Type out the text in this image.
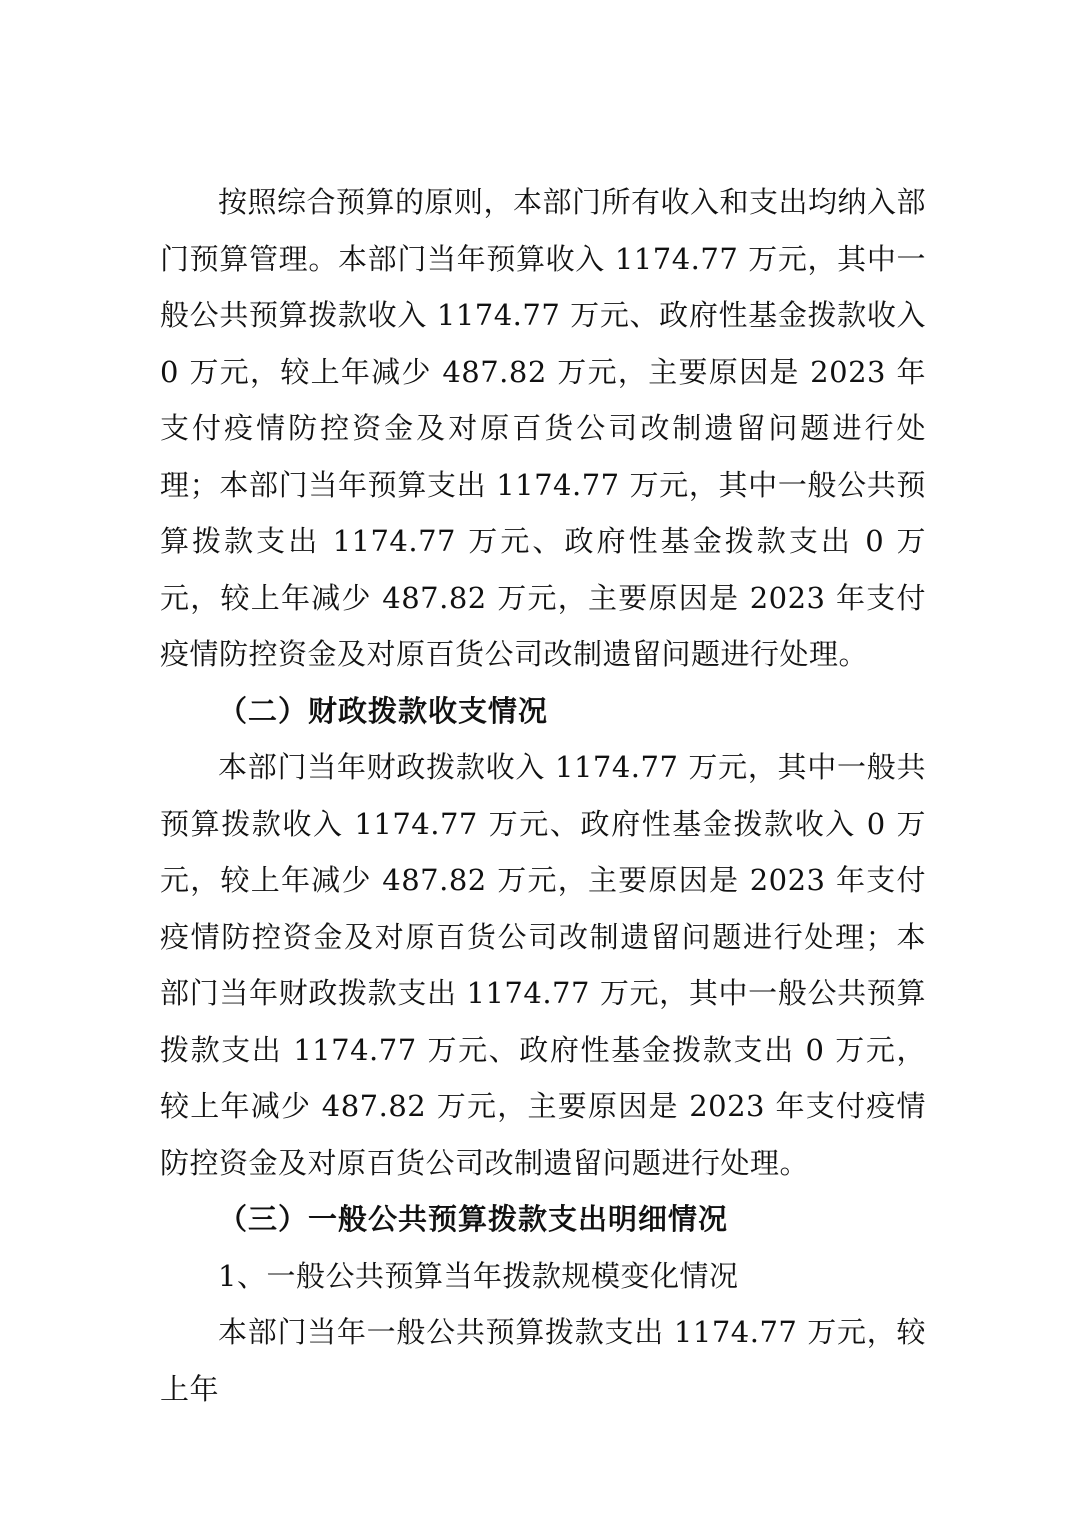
按照综合预算的原则，本部门所有收入和支出均纳入部门预算管理。本部门当年预算收入 1174.77 万元，其中一般公共预算拨款收入 1174.77 万元、政府性基金拨款收入 0 万元，较上年减少 487.82 万元，主要原因是 2023 年支付疫情防控资金及对原百货公司改制遗留问题进行处理；本部门当年预算支出 1174.77 万元，其中一般公共预算拨款支出 1174.77 万元、政府性基金拨款支出 0 万元，较上年减少 487.82 万元，主要原因是 2023 年支付疫情防控资金及对原百货公司改制遗留问题进行处理。

（二）财政拨款收支情况

本部门当年财政拨款收入 1174.77 万元，其中一般共预算拨款收入 1174.77 万元、政府性基金拨款收入 0 万元，较上年减少 487.82 万元，主要原因是 2023 年支付疫情防控资金及对原百货公司改制遗留问题进行处理；本部门当年财政拨款支出 1174.77 万元，其中一般公共预算拨款支出 1174.77 万元、政府性基金拨款支出 0 万元，较上年减少 487.82 万元，主要原因是 2023 年支付疫情防控资金及对原百货公司改制遗留问题进行处理。

（三）一般公共预算拨款支出明细情况

1、一般公共预算当年拨款规模变化情况

本部门当年一般公共预算拨款支出 1174.77 万元，较上年
